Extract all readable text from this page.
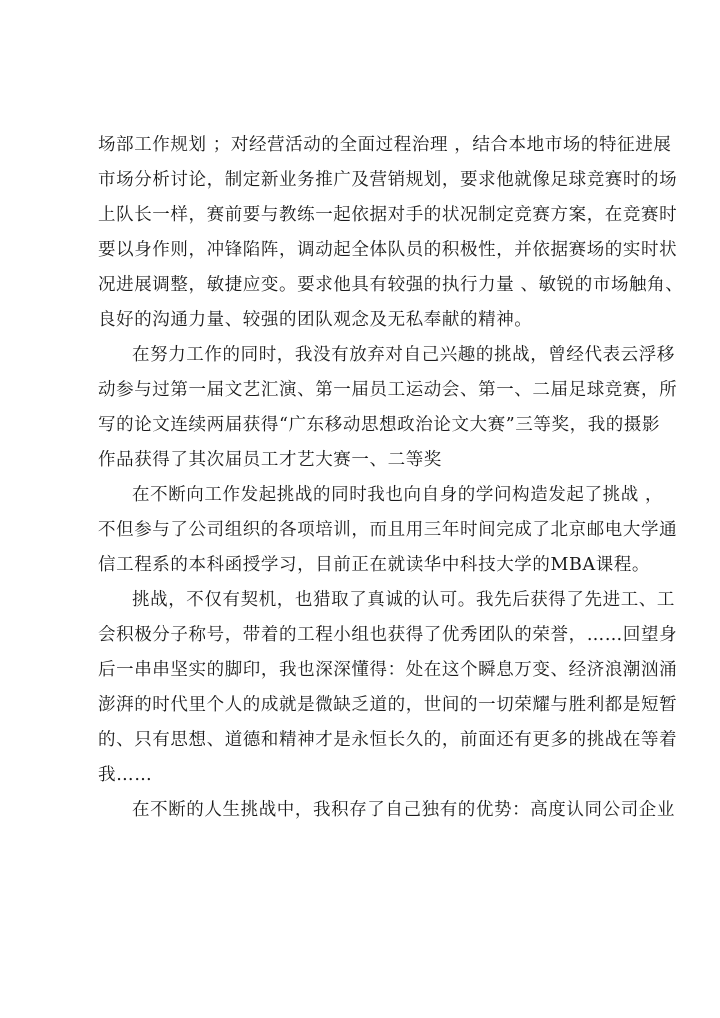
场部工作规划 ；对经营活动的全面过程治理 ，结合本地市场的特征进展
市场分析讨论，制定新业务推广及营销规划，要求他就像足球竞赛时的场
上队长一样，赛前要与教练一起依据对手的状况制定竞赛方案，在竞赛时
要以身作则，冲锋陷阵，调动起全体队员的积极性，并依据赛场的实时状
况进展调整，敏捷应变。要求他具有较强的执行力量 、敏锐的市场触角、
良好的沟通力量、较强的团队观念及无私奉献的精神。
在努力工作的同时，我没有放弃对自己兴趣的挑战，曾经代表云浮移
动参与过第一届文艺汇演、第一届员工运动会、第一、二届足球竞赛，所
写的论文连续两届获得“广东移动思想政治论文大赛”三等奖，我的摄影
作品获得了其次届员工才艺大赛一、二等奖
在不断向工作发起挑战的同时我也向自身的学问构造发起了挑战 ，
不但参与了公司组织的各项培训，而且用三年时间完成了北京邮电大学通
信工程系的本科函授学习，目前正在就读华中科技大学的MBA课程。
挑战，不仅有契机，也猎取了真诚的认可。我先后获得了先进工、工
会积极分子称号，带着的工程小组也获得了优秀团队的荣誉，……回望身
后一串串坚实的脚印，我也深深懂得：处在这个瞬息万变、经济浪潮汹涌
澎湃的时代里个人的成就是微缺乏道的，世间的一切荣耀与胜利都是短暂
的、只有思想、道德和精神才是永恒长久的，前面还有更多的挑战在等着
我……
在不断的人生挑战中，我积存了自己独有的优势：高度认同公司企业
